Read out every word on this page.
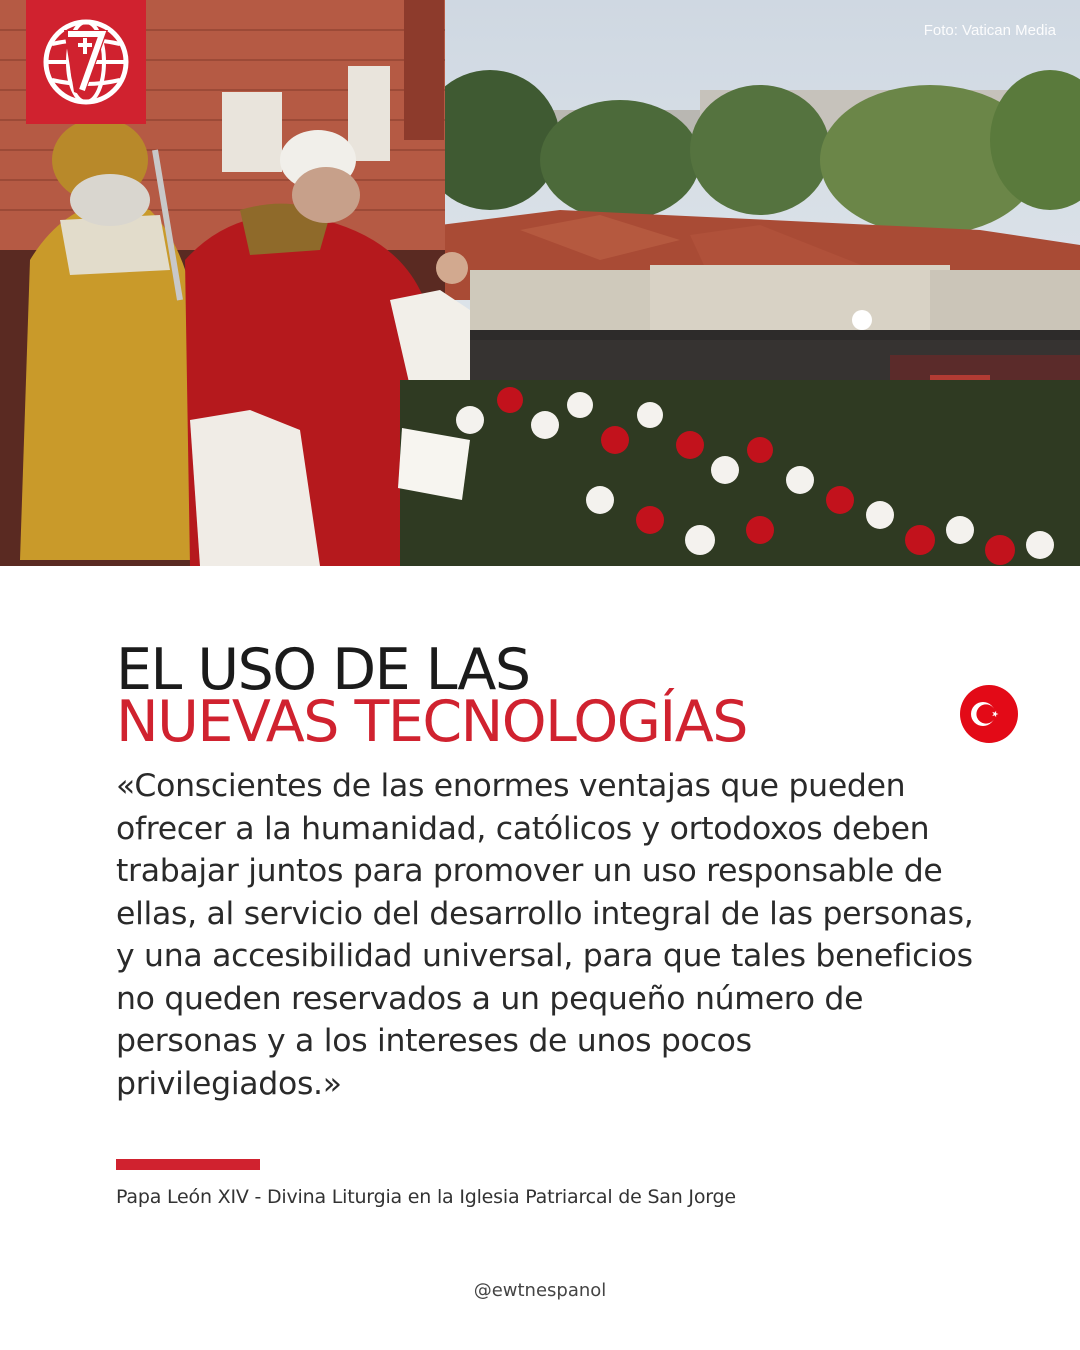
Foto: Vatican Media
EL USO DE LAS
NUEVAS TECNOLOGÍAS

«Conscientes de las enormes ventajas que pueden ofrecer a la humanidad, católicos y ortodoxos deben trabajar juntos para promover un uso responsable de ellas, al servicio del desarrollo integral de las personas, y una accesibilidad universal, para que tales beneficios no queden reservados a un pequeño número de personas y a los intereses de unos pocos privilegiados.»

Papa León XIV - Divina Liturgia en la Iglesia Patriarcal de San Jorge
@ewtnespanol
